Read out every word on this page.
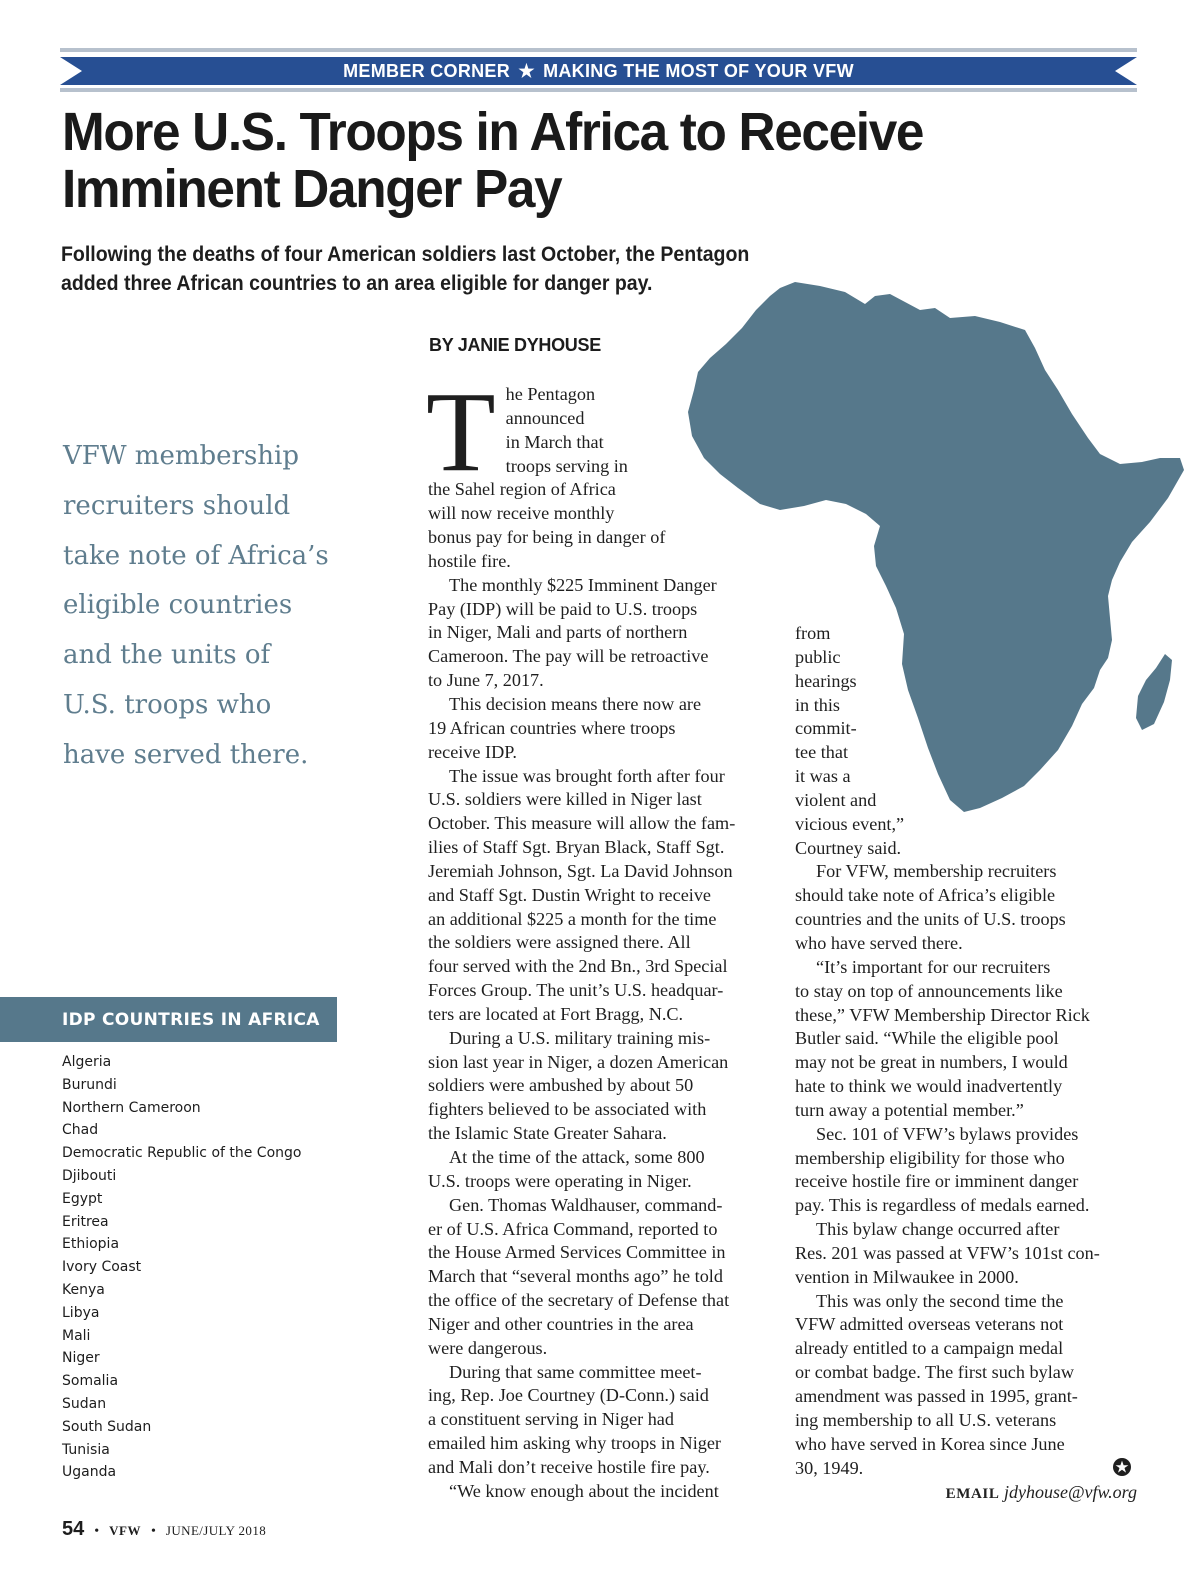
MEMBER CORNER ★ MAKING THE MOST OF YOUR VFW
More U.S. Troops in Africa to Receive
Imminent Danger Pay

Following the deaths of four American soldiers last October, the Pentagon
added three African countries to an area eligible for danger pay.

BY JANIE DYHOUSE

VFW membership
recruiters should
take note of Africa’s
eligible countries
and the units of
U.S. troops who
have served there.

IDP COUNTRIES IN AFRICA
Algeria
Burundi
Northern Cameroon
Chad
Democratic Republic of the Congo
Djibouti
Egypt
Eritrea
Ethiopia
Ivory Coast
Kenya
Libya
Mali
Niger
Somalia
Sudan
South Sudan
Tunisia
Uganda

The Pentagon
announced
in March that
troops serving in
the Sahel region of Africa
will now receive monthly
bonus pay for being in danger of
hostile fire.

The monthly $225 Imminent Danger
Pay (IDP) will be paid to U.S. troops
in Niger, Mali and parts of northern
Cameroon. The pay will be retroactive
to June 7, 2017.

This decision means there now are
19 African countries where troops
receive IDP.

The issue was brought forth after four
U.S. soldiers were killed in Niger last
October. This measure will allow the fam-
ilies of Staff Sgt. Bryan Black, Staff Sgt.
Jeremiah Johnson, Sgt. La David Johnson
and Staff Sgt. Dustin Wright to receive
an additional $225 a month for the time
the soldiers were assigned there. All
four served with the 2nd Bn., 3rd Special
Forces Group. The unit’s U.S. headquar-
ters are located at Fort Bragg, N.C.

During a U.S. military training mis-
sion last year in Niger, a dozen American
soldiers were ambushed by about 50
fighters believed to be associated with
the Islamic State Greater Sahara.

At the time of the attack, some 800
U.S. troops were operating in Niger.

Gen. Thomas Waldhauser, command-
er of U.S. Africa Command, reported to
the House Armed Services Committee in
March that “several months ago” he told
the office of the secretary of Defense that
Niger and other countries in the area
were dangerous.

During that same committee meet-
ing, Rep. Joe Courtney (D-Conn.) said
a constituent serving in Niger had
emailed him asking why troops in Niger
and Mali don’t receive hostile fire pay.

“We know enough about the incident

from
public
hearings
in this
commit-
tee that
it was a
violent and
vicious event,”
Courtney said.

For VFW, membership recruiters
should take note of Africa’s eligible
countries and the units of U.S. troops
who have served there.

“It’s important for our recruiters
to stay on top of announcements like
these,” VFW Membership Director Rick
Butler said. “While the eligible pool
may not be great in numbers, I would
hate to think we would inadvertently
turn away a potential member.”

Sec. 101 of VFW’s bylaws provides
membership eligibility for those who
receive hostile fire or imminent danger
pay. This is regardless of medals earned.

This bylaw change occurred after
Res. 201 was passed at VFW’s 101st con-
vention in Milwaukee in 2000.

This was only the second time the
VFW admitted overseas veterans not
already entitled to a campaign medal
or combat badge. The first such bylaw
amendment was passed in 1995, grant-
ing membership to all U.S. veterans
who have served in Korea since June
30, 1949.

EMAIL jdyhouse@vfw.org
54 • VFW • JUNE/JULY 2018
